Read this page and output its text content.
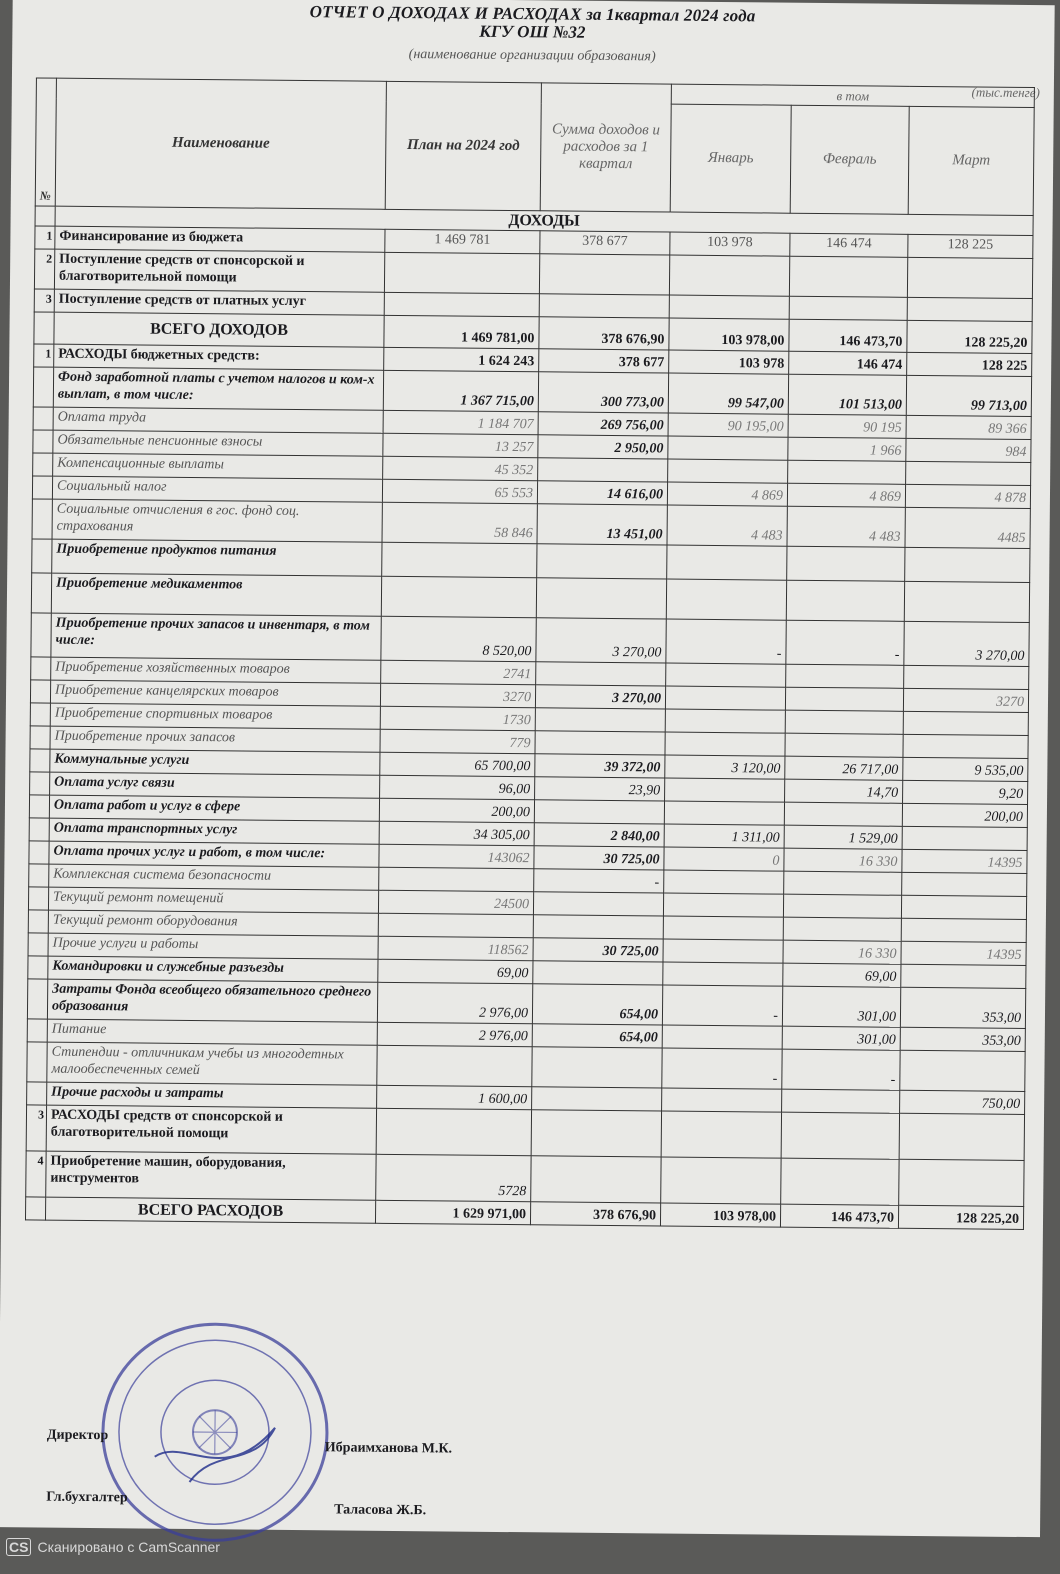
ОТЧЕТ О ДОХОДАХ И РАСХОДАХ за 1квартал 2024 года
КГУ ОШ №32
(наименование организации образования)
(тыс.тенге)
№	Наименование	План на 2024 год	Сумма доходов и расходов за 1 квартал	в том		
				Январь	Февраль	Март
	ДОХОДЫ					
1	Финансирование из бюджета	1 469 781	378 677	103 978	146 474	128 225
2	Поступление средств от спонсорской и благотворительной помощи					
3	Поступление средств от платных услуг					
	ВСЕГО ДОХОДОВ	1 469 781,00	378 676,90	103 978,00	146 473,70	128 225,20
1	РАСХОДЫ бюджетных средств:	1 624 243	378 677	103 978	146 474	128 225
	Фонд заработной платы с учетом налогов и ком-х выплат, в том числе:	1 367 715,00	300 773,00	99 547,00	101 513,00	99 713,00
	Оплата труда	1 184 707	269 756,00	90 195,00	90 195	89 366
	Обязательные пенсионные взносы	13 257	2 950,00		1 966	984
	Компенсационные выплаты	45 352				
	Социальный налог	65 553	14 616,00	4 869	4 869	4 878
	Социальные отчисления в гос. фонд соц. страхования	58 846	13 451,00	4 483	4 483	4485
	Приобретение продуктов питания					
	Приобретение медикаментов					
	Приобретение прочих запасов и инвентаря, в том числе:	8 520,00	3 270,00	-	-	3 270,00
	Приобретение хозяйственных товаров	2741				
	Приобретение канцелярских товаров	3270	3 270,00			3270
	Приобретение спортивных товаров	1730				
	Приобретение прочих запасов	779				
	Коммунальные услуги	65 700,00	39 372,00	3 120,00	26 717,00	9 535,00
	Оплата услуг связи	96,00	23,90		14,70	9,20
	Оплата работ и услуг в сфере	200,00				200,00
	Оплата транспортных услуг	34 305,00	2 840,00	1 311,00	1 529,00	
	Оплата прочих услуг и работ, в том числе:	143062	30 725,00	0	16 330	14395
	Комплексная система безопасности		-			
	Текущий ремонт помещений	24500				
	Текущий ремонт оборудования					
	Прочие услуги и работы	118562	30 725,00		16 330	14395
	Командировки и служебные разъезды	69,00			69,00	
	Затраты Фонда всеобщего обязательного среднего образования	2 976,00	654,00	-	301,00	353,00
	Питание	2 976,00	654,00		301,00	353,00
	Стипендии - отличникам учебы из многодетных малообеспеченных семей			-	-	
	Прочие расходы и затраты	1 600,00				750,00
3	РАСХОДЫ средств от спонсорской и благотворительной помощи					
4	Приобретение машин, оборудования, инструментов	5728				
	ВСЕГО РАСХОДОВ	1 629 971,00	378 676,90	103 978,00	146 473,70	128 225,20
Директор
Ибраимханова М.К.
Гл.бухгалтер
Таласова Ж.Б.
CS Сканировано с CamScanner
